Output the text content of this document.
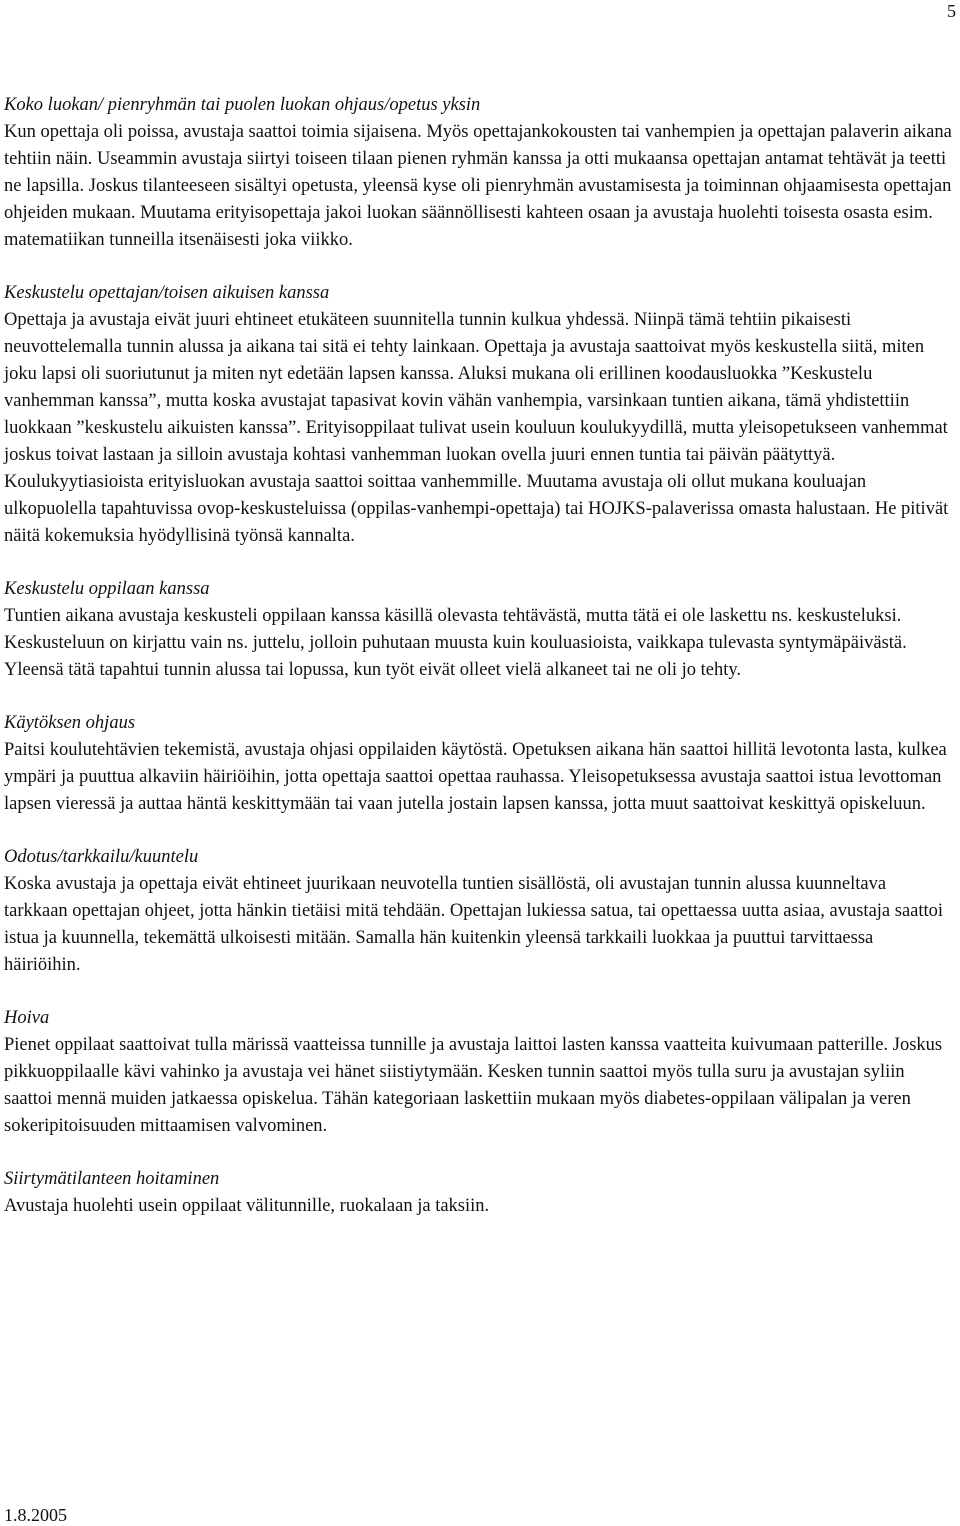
5
Koko luokan/ pienryhmän tai puolen luokan ohjaus/opetus yksin

Kun opettaja oli poissa, avustaja saattoi toimia sijaisena. Myös opettajankokousten tai vanhempien ja opettajan palaverin aikana tehtiin näin. Useammin avustaja siirtyi toiseen tilaan pienen ryhmän kanssa ja otti mukaansa opettajan antamat tehtävät ja teetti ne lapsilla. Joskus tilanteeseen sisältyi opetusta, yleensä kyse oli pienryhmän avustamisesta ja toiminnan ohjaamisesta opettajan ohjeiden mukaan. Muutama erityisopettaja jakoi luokan säännöllisesti kahteen osaan ja avustaja huolehti toisesta osasta esim. matematiikan tunneilla itsenäisesti joka viikko.

Keskustelu opettajan/toisen aikuisen kanssa

Opettaja ja avustaja eivät juuri ehtineet etukäteen suunnitella tunnin kulkua yhdessä. Niinpä tämä tehtiin pikaisesti neuvottelemalla tunnin alussa ja aikana tai sitä ei tehty lainkaan. Opettaja ja avustaja saattoivat myös keskustella siitä, miten joku lapsi oli suoriutunut ja miten nyt edetään lapsen kanssa. Aluksi mukana oli erillinen koodausluokka ”Keskustelu vanhemman kanssa”, mutta koska avustajat tapasivat kovin vähän vanhempia, varsinkaan tuntien aikana, tämä yhdistettiin luokkaan ”keskustelu aikuisten kanssa”. Erityisoppilaat tulivat usein kouluun koulukyydillä, mutta yleisopetukseen vanhemmat joskus toivat lastaan ja silloin avustaja kohtasi vanhemman luokan ovella juuri ennen tuntia tai päivän päätyttyä. Koulukyytiasioista erityisluokan avustaja saattoi soittaa vanhemmille. Muutama avustaja oli ollut mukana kouluajan ulkopuolella tapahtuvissa ovop-keskusteluissa (oppilas-vanhempi-opettaja) tai HOJKS-palaverissa omasta halustaan. He pitivät näitä kokemuksia hyödyllisinä työnsä kannalta.

Keskustelu oppilaan kanssa

Tuntien aikana avustaja keskusteli oppilaan kanssa käsillä olevasta tehtävästä, mutta tätä ei ole laskettu ns. keskusteluksi. Keskusteluun on kirjattu vain ns. juttelu, jolloin puhutaan muusta kuin kouluasioista, vaikkapa tulevasta syntymäpäivästä. Yleensä tätä tapahtui tunnin alussa tai lopussa, kun työt eivät olleet vielä alkaneet tai ne oli jo tehty.

Käytöksen ohjaus

Paitsi koulutehtävien tekemistä, avustaja ohjasi oppilaiden käytöstä. Opetuksen aikana hän saattoi hillitä levotonta lasta, kulkea ympäri ja puuttua alkaviin häiriöihin, jotta opettaja saattoi opettaa rauhassa. Yleisopetuksessa avustaja saattoi istua levottoman lapsen vieressä ja auttaa häntä keskittymään tai vaan jutella jostain lapsen kanssa, jotta muut saattoivat keskittyä opiskeluun.

Odotus/tarkkailu/kuuntelu

Koska avustaja ja opettaja eivät ehtineet juurikaan neuvotella tuntien sisällöstä, oli avustajan tunnin alussa kuunneltava tarkkaan opettajan ohjeet, jotta hänkin tietäisi mitä tehdään. Opettajan lukiessa satua, tai opettaessa uutta asiaa, avustaja saattoi istua ja kuunnella, tekemättä ulkoisesti mitään. Samalla hän kuitenkin yleensä tarkkaili luokkaa ja puuttui tarvittaessa häiriöihin.

Hoiva

Pienet oppilaat saattoivat tulla märissä vaatteissa tunnille ja avustaja laittoi lasten kanssa vaatteita kuivumaan patterille. Joskus pikkuoppilaalle kävi vahinko ja avustaja vei hänet siistiytymään. Kesken tunnin saattoi myös tulla suru ja avustajan syliin saattoi mennä muiden jatkaessa opiskelua. Tähän kategoriaan laskettiin mukaan myös diabetes-oppilaan välipalan ja veren sokeripitoisuuden mittaamisen valvominen.

Siirtymätilanteen hoitaminen

Avustaja huolehti usein oppilaat välitunnille, ruokalaan ja taksiin.

1.8.2005
